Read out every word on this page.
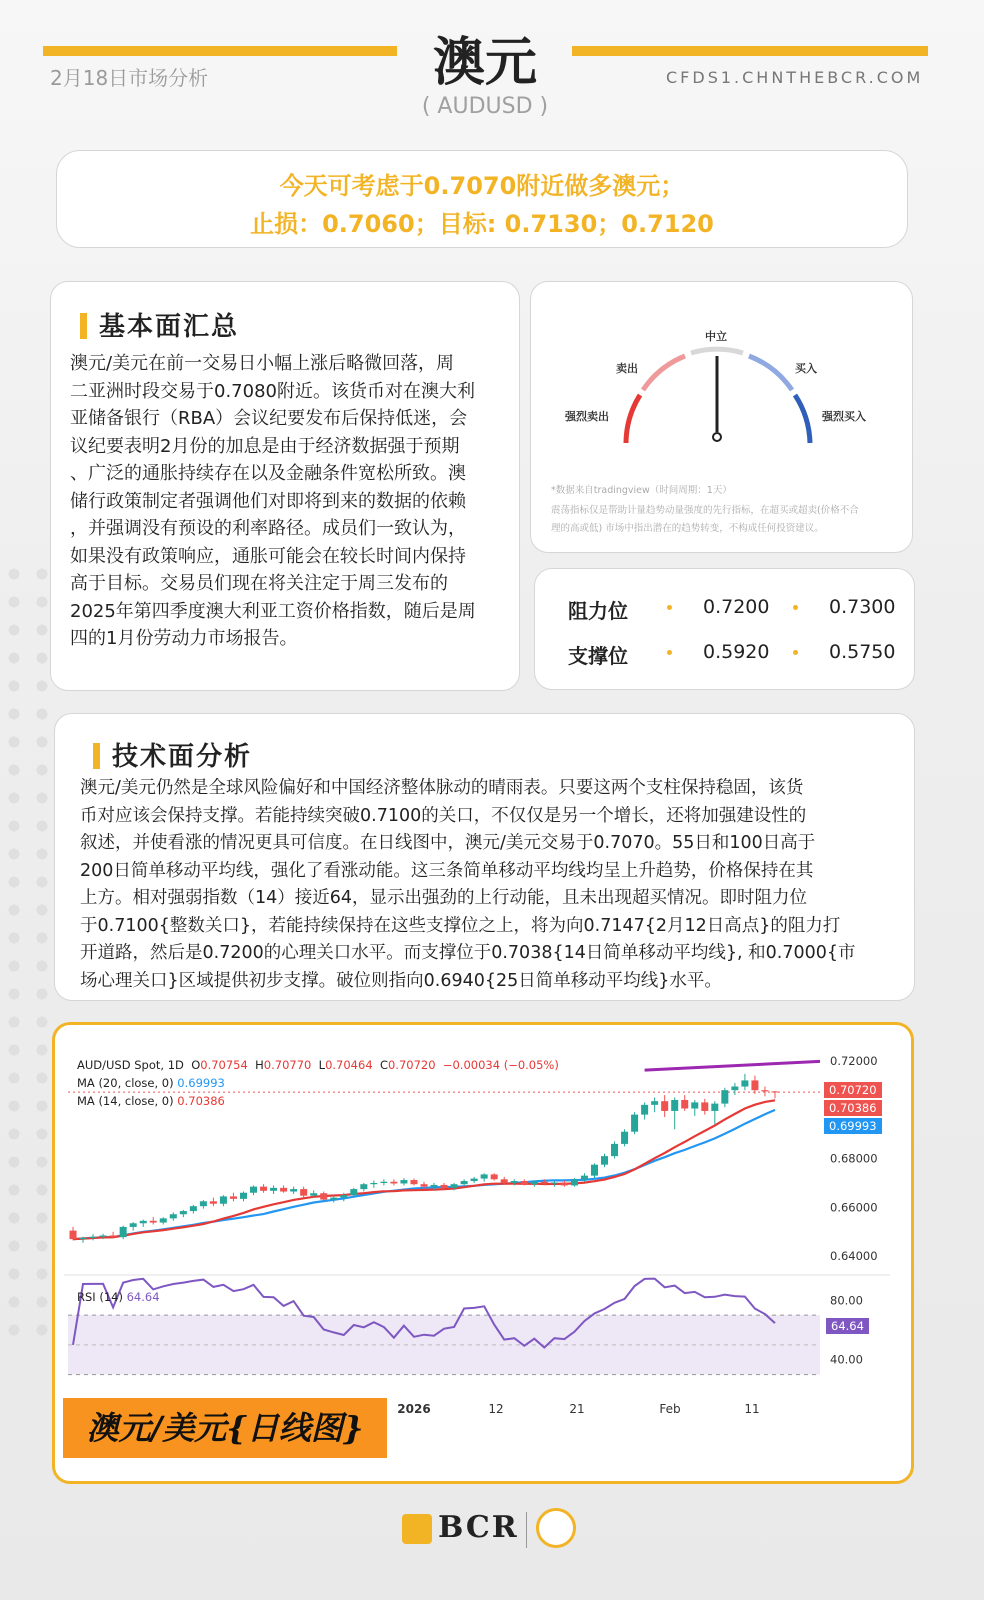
2月18日市场分析	澳元
( AUDUSD )
CFDS1.CHNTHEBCR.COM
今天可考虑于0.7070附近做多澳元；
止损：0.7060；目标: 0.7130；0.7120
基本面汇总
澳元/美元在前一交易日小幅上涨后略微回落，周
二亚洲时段交易于0.7080附近。该货币对在澳大利
亚储备银行（RBA）会议纪要发布后保持低迷，会
议纪要表明2月份的加息是由于经济数据强于预期
、广泛的通胀持续存在以及金融条件宽松所致。澳
储行政策制定者强调他们对即将到来的数据的依赖
，并强调没有预设的利率路径。成员们一致认为，
如果没有政策响应，通胀可能会在较长时间内保持
高于目标。交易员们现在将关注定于周三发布的
2025年第四季度澳大利亚工资价格指数，随后是周
四的1月份劳动力市场报告。
中立
卖出	买入
强烈卖出	强烈买入
*数据来自tradingview（时间周期：1天）
震荡指标仅是帮助计量趋势动量强度的先行指标，在超买或超卖(价格不合
理的高或低) 市场中指出潜在的趋势转变，不构成任何投资建议。
阻力位	0.7200	0.7300
支撑位	0.5920	0.5750
技术面分析
澳元/美元仍然是全球风险偏好和中国经济整体脉动的晴雨表。只要这两个支柱保持稳固，该货
币对应该会保持支撑。若能持续突破0.7100的关口，不仅仅是另一个增长，还将加强建设性的
叙述，并使看涨的情况更具可信度。在日线图中，澳元/美元交易于0.7070。55日和100日高于
200日简单移动平均线，强化了看涨动能。这三条简单移动平均线均呈上升趋势，价格保持在其
上方。相对强弱指数（14）接近64，显示出强劲的上行动能，且未出现超买情况。即时阻力位
于0.7100{整数关口}，若能持续保持在这些支撑位之上，将为向0.7147{2月12日高点}的阻力打
开道路，然后是0.7200的心理关口水平。而支撑位于0.7038{14日简单移动平均线}, 和0.7000{市
场心理关口}区域提供初步支撑。破位则指向0.6940{25日简单移动平均线}水平。
0.72000
0.68000
0.66000
0.64000
80.00
40.00
2026	12	21	Feb	11
AUD/USD Spot, 1D O0.70754 H0.70770 L0.70464 C0.70720 −0.00034 (−0.05%)
MA (20, close, 0) 0.69993
MA (14, close, 0) 0.70386
RSI (14) 64.64
0.70720
0.70386
0.69993
64.64
澳元/美元{日线图}
BCR
